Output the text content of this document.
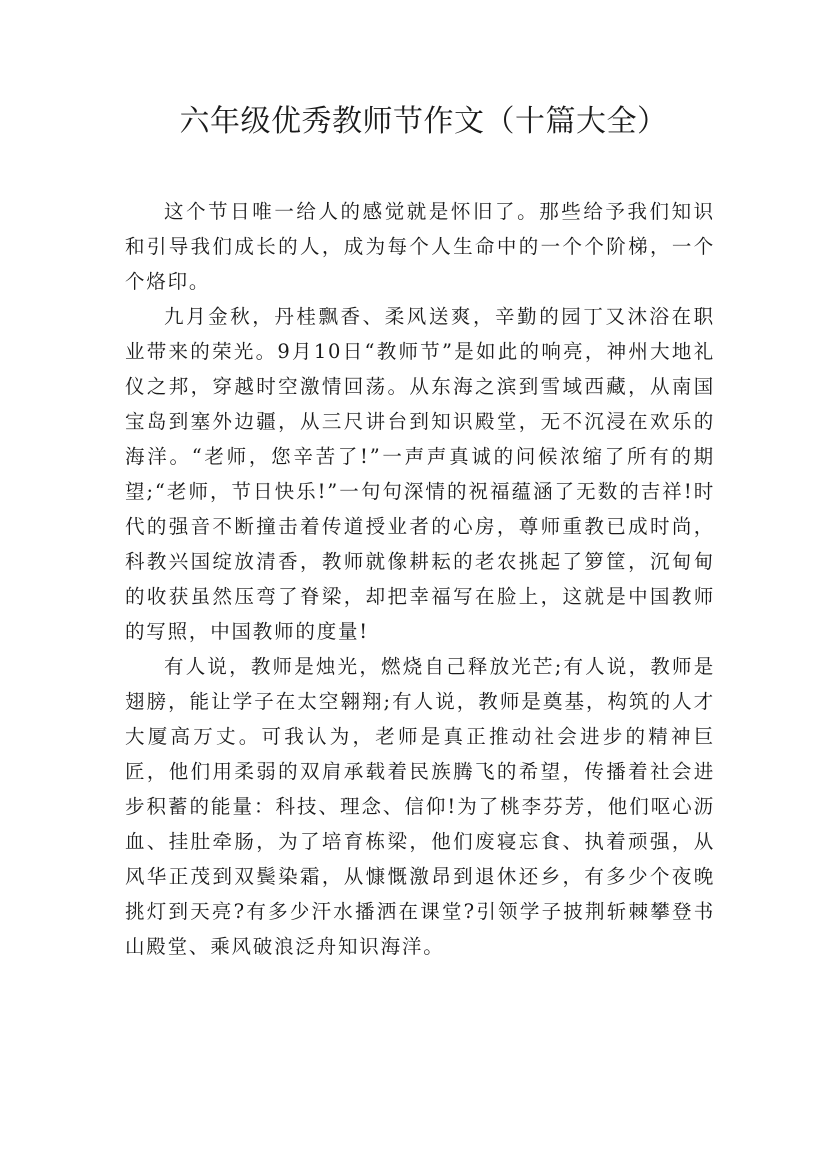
六年级优秀教师节作文（十篇大全）

这个节日唯一给人的感觉就是怀旧了。那些给予我们知识和引导我们成长的人，成为每个人生命中的一个个阶梯，一个个烙印。

九月金秋，丹桂飘香、柔风送爽，辛勤的园丁又沐浴在职业带来的荣光。9月10日“教师节”是如此的响亮，神州大地礼仪之邦，穿越时空激情回荡。从东海之滨到雪域西藏，从南国宝岛到塞外边疆，从三尺讲台到知识殿堂，无不沉浸在欢乐的海洋。“老师，您辛苦了!”一声声真诚的问候浓缩了所有的期望;“老师，节日快乐!”一句句深情的祝福蕴涵了无数的吉祥!时代的强音不断撞击着传道授业者的心房，尊师重教已成时尚，科教兴国绽放清香，教师就像耕耘的老农挑起了箩筐，沉甸甸的收获虽然压弯了脊梁，却把幸福写在脸上，这就是中国教师的写照，中国教师的度量!

有人说，教师是烛光，燃烧自己释放光芒;有人说，教师是翅膀，能让学子在太空翱翔;有人说，教师是奠基，构筑的人才大厦高万丈。可我认为，老师是真正推动社会进步的精神巨匠，他们用柔弱的双肩承载着民族腾飞的希望，传播着社会进步积蓄的能量：科技、理念、信仰!为了桃李芬芳，他们呕心沥血、挂肚牵肠，为了培育栋梁，他们废寝忘食、执着顽强，从风华正茂到双鬓染霜，从慷慨激昂到退休还乡，有多少个夜晚挑灯到天亮?有多少汗水播洒在课堂?引领学子披荆斩棘攀登书山殿堂、乘风破浪泛舟知识海洋。
